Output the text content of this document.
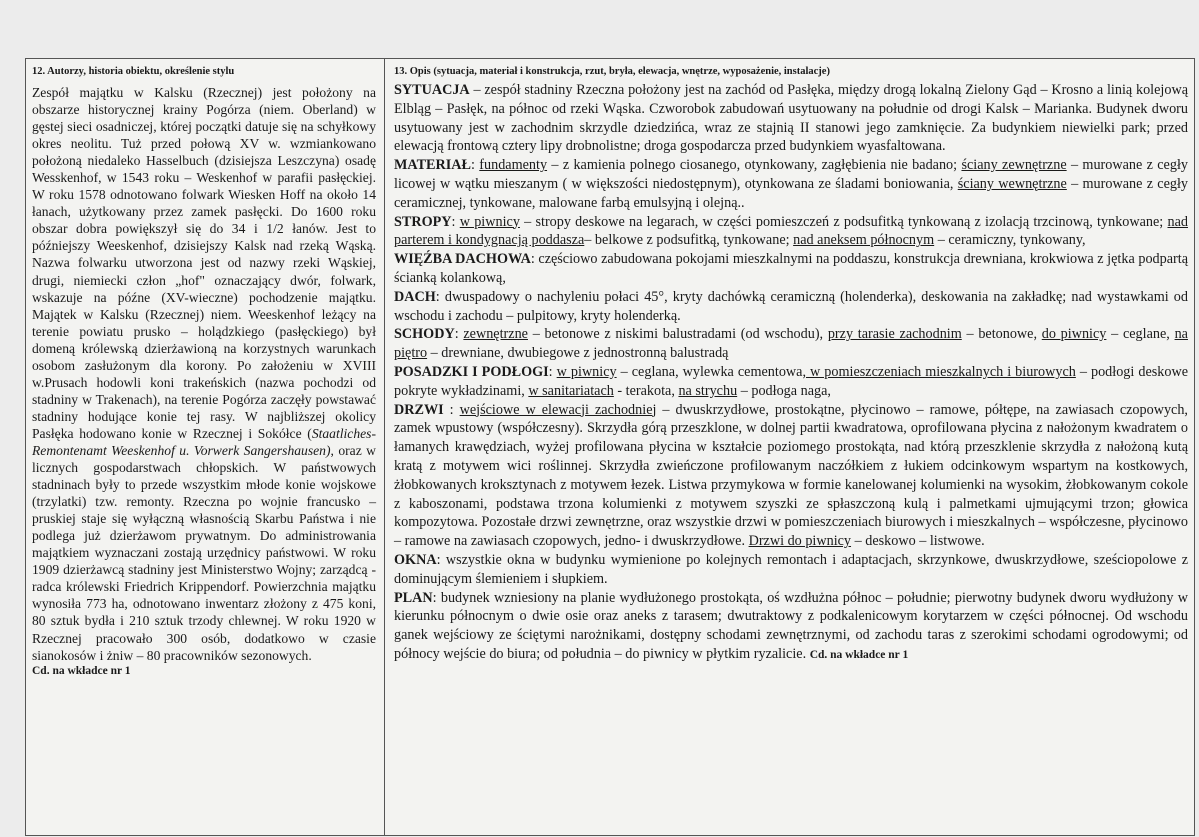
12. Autorzy, historia obiektu, określenie stylu

Zespół majątku w Kalsku (Rzecznej) jest położony na obszarze historycznej krainy Pogórza (niem. Oberland) w gęstej sieci osadniczej, której początki datuje się na schyłkowy okres neolitu. Tuż przed połową XV w. wzmiankowano położoną niedaleko Hasselbuch (dzisiejsza Leszczyna) osadę Wesskenhof, w 1543 roku – Weskenhof w parafii pasłęckiej. W roku 1578 odnotowano folwark Wiesken Hoff na około 14 łanach, użytkowany przez zamek pasłęcki. Do 1600 roku obszar dobra powiększył się do 34 i 1/2 łanów. Jest to późniejszy Weeskenhof, dzisiejszy Kalsk nad rzeką Wąską. Nazwa folwarku utworzona jest od nazwy rzeki Wąskiej, drugi, niemiecki człon „hof" oznaczający dwór, folwark, wskazuje na późne (XV-wieczne) pochodzenie majątku. Majątek w Kalsku (Rzecznej) niem. Weeskenhof leżący na terenie powiatu prusko – holądzkiego (pasłęckiego) był domeną królewską dzierżawioną na korzystnych warunkach osobom zasłużonym dla korony. Po założeniu w XVIII w.Prusach hodowli koni trakeńskich (nazwa pochodzi od stadniny w Trakenach), na terenie Pogórza zaczęły powstawać stadniny hodujące konie tej rasy. W najbliższej okolicy Pasłęka hodowano konie w Rzecznej i Sokółce (Staatliches-Remontenamt Weeskenhof u. Vorwerk Sangershausen), oraz w licznych gospodarstwach chłopskich. W państwowych stadninach były to przede wszystkim młode konie wojskowe (trzylatki) tzw. remonty. Rzeczna po wojnie francusko – pruskiej staje się wyłączną własnością Skarbu Państwa i nie podlega już dzierżawom prywatnym. Do administrowania majątkiem wyznaczani zostają urzędnicy państwowi. W roku 1909 dzierżawcą stadniny jest Ministerstwo Wojny; zarządcą - radca królewski Friedrich Krippendorf. Powierzchnia majątku wynosiła 773 ha, odnotowano inwentarz złożony z 475 koni, 80 sztuk bydła i 210 sztuk trzody chlewnej. W roku 1920 w Rzecznej pracowało 300 osób, dodatkowo w czasie sianokosów i żniw – 80 pracowników sezonowych.

Cd. na wkładce nr 1
13. Opis (sytuacja, materiał i konstrukcja, rzut, bryła, elewacja, wnętrze, wyposażenie, instalacje)

SYTUACJA – zespół stadniny Rzeczna położony jest na zachód od Pasłęka, między drogą lokalną Zielony Gąd – Krosno a linią kolejową Elbląg – Pasłęk, na północ od rzeki Wąska. Czworobok zabudowań usytuowany na południe od drogi Kalsk – Marianka. Budynek dworu usytuowany jest w zachodnim skrzydle dziedzińca, wraz ze stajnią II stanowi jego zamknięcie. Za budynkiem niewielki park; przed elewacją frontową cztery lipy drobnolistne; droga gospodarcza przed budynkiem wyasfaltowana.

MATERIAŁ: fundamenty – z kamienia polnego ciosanego, otynkowany, zagłębienia nie badano; ściany zewnętrzne – murowane z cegły licowej w wątku mieszanym ( w większości niedostępnym), otynkowana ze śladami boniowania, ściany wewnętrzne – murowane z cegły ceramicznej, tynkowane, malowane farbą emulsyjną i olejną..

STROPY: w piwnicy – stropy deskowe na legarach, w części pomieszczeń z podsufitką tynkowaną z izolacją trzcinową, tynkowane; nad parterem i kondygnacją poddasza– belkowe z podsufitką, tynkowane; nad aneksem północnym – ceramiczny, tynkowany,

WIĘŹBA DACHOWA: częściowo zabudowana pokojami mieszkalnymi na poddaszu, konstrukcja drewniana, krokwiowa z jętka podpartą ścianką kolankową,

DACH: dwuspadowy o nachyleniu połaci 45°, kryty dachówką ceramiczną (holenderka), deskowania na zakładkę; nad wystawkami od wschodu i zachodu – pulpitowy, kryty holenderką.

SCHODY: zewnętrzne – betonowe z niskimi balustradami (od wschodu), przy tarasie zachodnim – betonowe, do piwnicy – ceglane, na piętro – drewniane, dwubiegowe z jednostronną balustradą

POSADZKI I PODŁOGI: w piwnicy – ceglana, wylewka cementowa, w pomieszczeniach mieszkalnych i biurowych – podłogi deskowe pokryte wykładzinami, w sanitariatach - terakota, na strychu – podłoga naga,

DRZWI : wejściowe w elewacji zachodniej – dwuskrzydłowe, prostokątne, płycinowo – ramowe, półtępe, na zawiasach czopowych, zamek wpustowy (współczesny). Skrzydła górą przeszklone, w dolnej partii kwadratowa, oprofilowana płycina z nałożonym kwadratem o łamanych krawędziach, wyżej profilowana płycina w kształcie poziomego prostokąta, nad którą przeszklenie skrzydła z nałożoną kutą kratą z motywem wici roślinnej. Skrzydła zwieńczone profilowanym naczółkiem z łukiem odcinkowym wspartym na kostkowych, żłobkowanych kroksztynach z motywem łezek. Listwa przymykowa w formie kanelowanej kolumienki na wysokim, żłobkowanym cokole z kaboszonami, podstawa trzona kolumienki z motywem szyszki ze spłaszczoną kulą i palmetkami ujmującymi trzon; głowica kompozytowa. Pozostałe drzwi zewnętrzne, oraz wszystkie drzwi w pomieszczeniach biurowych i mieszkalnych – współczesne, płycinowo – ramowe na zawiasach czopowych, jedno- i dwuskrzydłowe. Drzwi do piwnicy – deskowo – listwowe.

OKNA: wszystkie okna w budynku wymienione po kolejnych remontach i adaptacjach, skrzynkowe, dwuskrzydłowe, sześciopolowe z dominującym ślemieniem i słupkiem.

PLAN: budynek wzniesiony na planie wydłużonego prostokąta, oś wzdłużna północ – południe; pierwotny budynek dworu wydłużony w kierunku północnym o dwie osie oraz aneks z tarasem; dwutraktowy z podkalenicowym korytarzem w części północnej. Od wschodu ganek wejściowy ze ściętymi narożnikami, dostępny schodami zewnętrznymi, od zachodu taras z szerokimi schodami ogrodowymi; od północy wejście do biura; od południa – do piwnicy w płytkim ryzalicie. Cd. na wkładce nr 1
